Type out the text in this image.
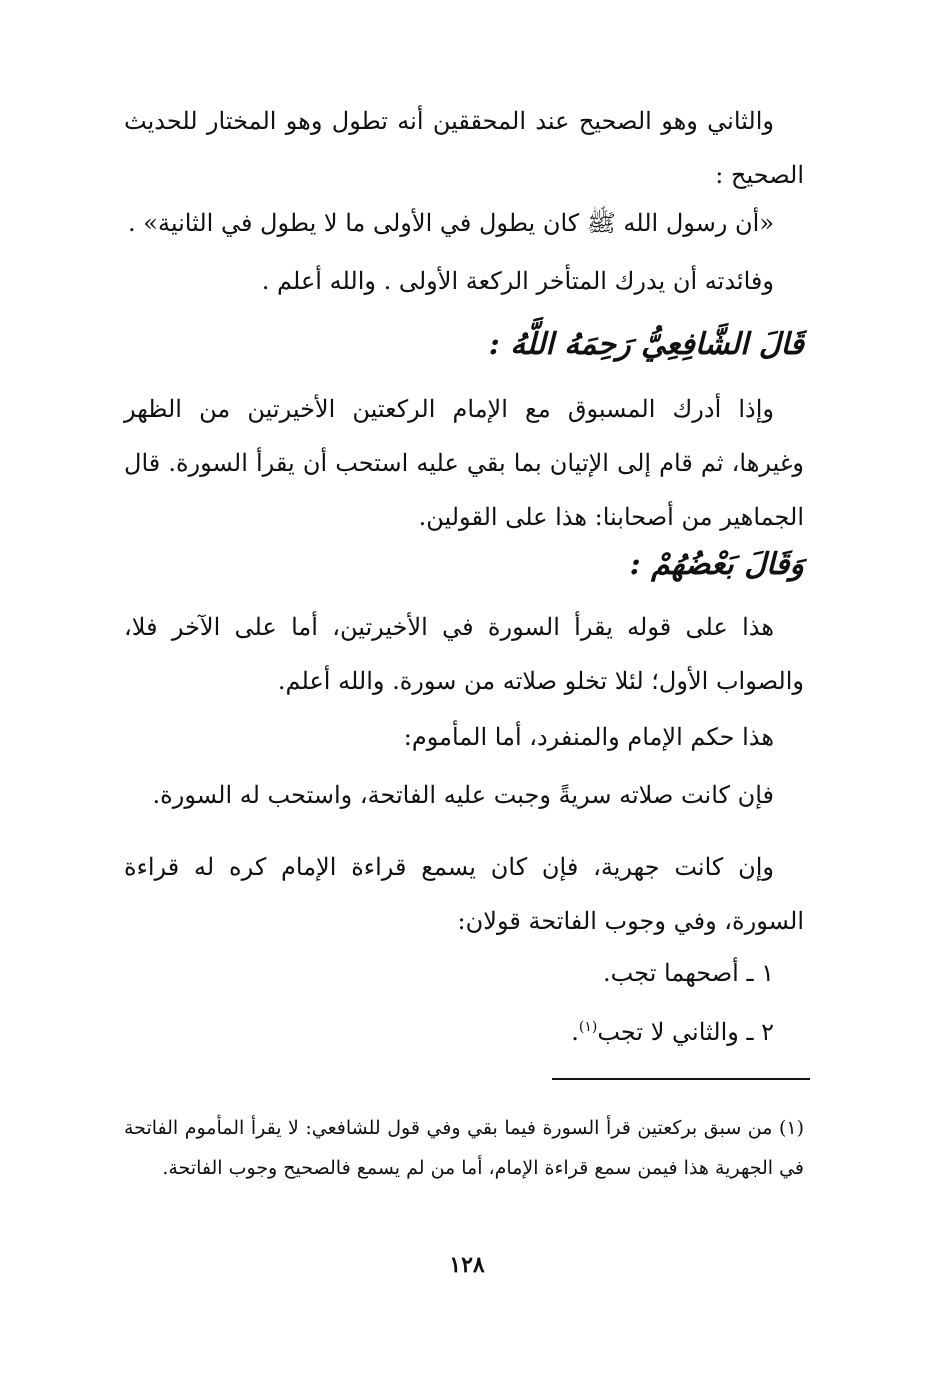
والثاني وهو الصحيح عند المحققين أنه تطول وهو المختار للحديث الصحيح :

«أن رسول الله ﷺ كان يطول في الأولى ما لا يطول في الثانية» .

وفائدته أن يدرك المتأخر الركعة الأولى . والله أعلم .

قَالَ الشَّافِعِيُّ رَحِمَهُ اللَّهُ :

وإذا أدرك المسبوق مع الإمام الركعتين الأخيرتين من الظهر وغيرها، ثم قام إلى الإتيان بما بقي عليه استحب أن يقرأ السورة. قال الجماهير من أصحابنا: هذا على القولين.

وَقَالَ بَعْضُهُمْ :

هذا على قوله يقرأ السورة في الأخيرتين، أما على الآخر فلا، والصواب الأول؛ لئلا تخلو صلاته من سورة. والله أعلم.

هذا حكم الإمام والمنفرد، أما المأموم:

فإن كانت صلاته سريةً وجبت عليه الفاتحة، واستحب له السورة.

وإن كانت جهرية، فإن كان يسمع قراءة الإمام كره له قراءة السورة، وفي وجوب الفاتحة قولان:

١ ـ أصحهما تجب.

٢ ـ والثاني لا تجب$^{(١)}$.

(١) من سبق بركعتين قرأ السورة فيما بقي وفي قول للشافعي: لا يقرأ المأموم الفاتحة في الجهرية هذا فيمن سمع قراءة الإمام، أما من لم يسمع فالصحيح وجوب الفاتحة.

١٢٨
